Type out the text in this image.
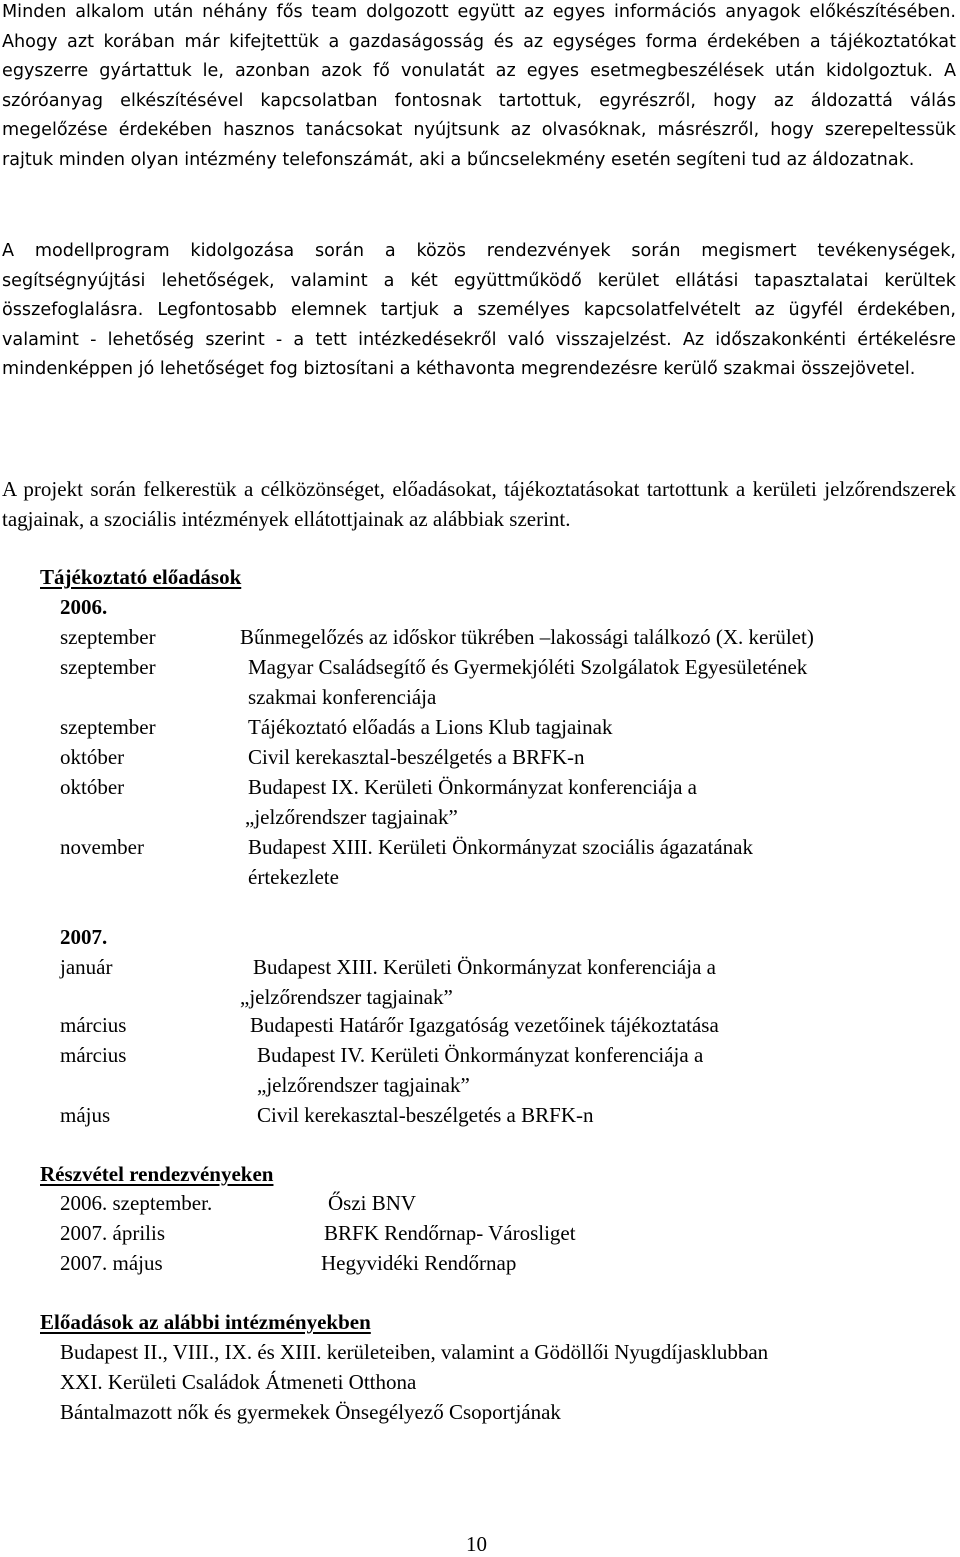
Minden alkalom után néhány fős team dolgozott együtt az egyes információs anyagok előkészítésében. Ahogy azt korában már kifejtettük a gazdaságosság és az egységes forma érdekében a tájékoztatókat egyszerre gyártattuk le, azonban azok fő vonulatát az egyes esetmegbeszélések után kidolgoztuk. A szóróanyag elkészítésével kapcsolatban fontosnak tartottuk, egyrészről, hogy az áldozattá válás megelőzése érdekében hasznos tanácsokat nyújtsunk az olvasóknak, másrészről, hogy szerepeltessük rajtuk minden olyan intézmény telefonszámát, aki a bűncselekmény esetén segíteni tud az áldozatnak.

A modellprogram kidolgozása során a közös rendezvények során megismert tevékenységek, segítségnyújtási lehetőségek, valamint a két együttműködő kerület ellátási tapasztalatai kerültek összefoglalásra. Legfontosabb elemnek tartjuk a személyes kapcsolatfelvételt az ügyfél érdekében, valamint - lehetőség szerint - a tett intézkedésekről való visszajelzést. Az időszakonkénti értékelésre mindenképpen jó lehetőséget fog biztosítani a kéthavonta megrendezésre kerülő szakmai összejövetel.

A projekt során felkerestük a célközönséget, előadásokat, tájékoztatásokat tartottunk a kerületi jelzőrendszerek tagjainak, a szociális intézmények ellátottjainak az alábbiak szerint.

Tájékoztató előadások

2006.

szeptember	Bűnmegelőzés az időskor tükrében –lakossági találkozó (X. kerület)

szeptember	Magyar Családsegítő és Gyermekjóléti Szolgálatok Egyesületének

szakmai konferenciája

szeptember	Tájékoztató előadás a Lions Klub tagjainak

október	Civil kerekasztal-beszélgetés a BRFK-n

október	Budapest IX. Kerületi Önkormányzat konferenciája a

„jelzőrendszer tagjainak”

november	Budapest XIII. Kerületi Önkormányzat szociális ágazatának

értekezlete

2007.

január	Budapest XIII. Kerületi Önkormányzat konferenciája a

„jelzőrendszer tagjainak”

március	Budapesti Határőr Igazgatóság vezetőinek tájékoztatása

március	Budapest IV. Kerületi Önkormányzat konferenciája a

„jelzőrendszer tagjainak”

május	Civil kerekasztal-beszélgetés a BRFK-n

Részvétel rendezvényeken

2006. szeptember.	Őszi BNV

2007. április	BRFK Rendőrnap- Városliget

2007. május	Hegyvidéki Rendőrnap

Előadások az alábbi intézményekben

Budapest II., VIII., IX. és XIII. kerületeiben, valamint a Gödöllői Nyugdíjasklubban

XXI. Kerületi Családok Átmeneti Otthona

Bántalmazott nők és gyermekek Önsegélyező Csoportjának

10
